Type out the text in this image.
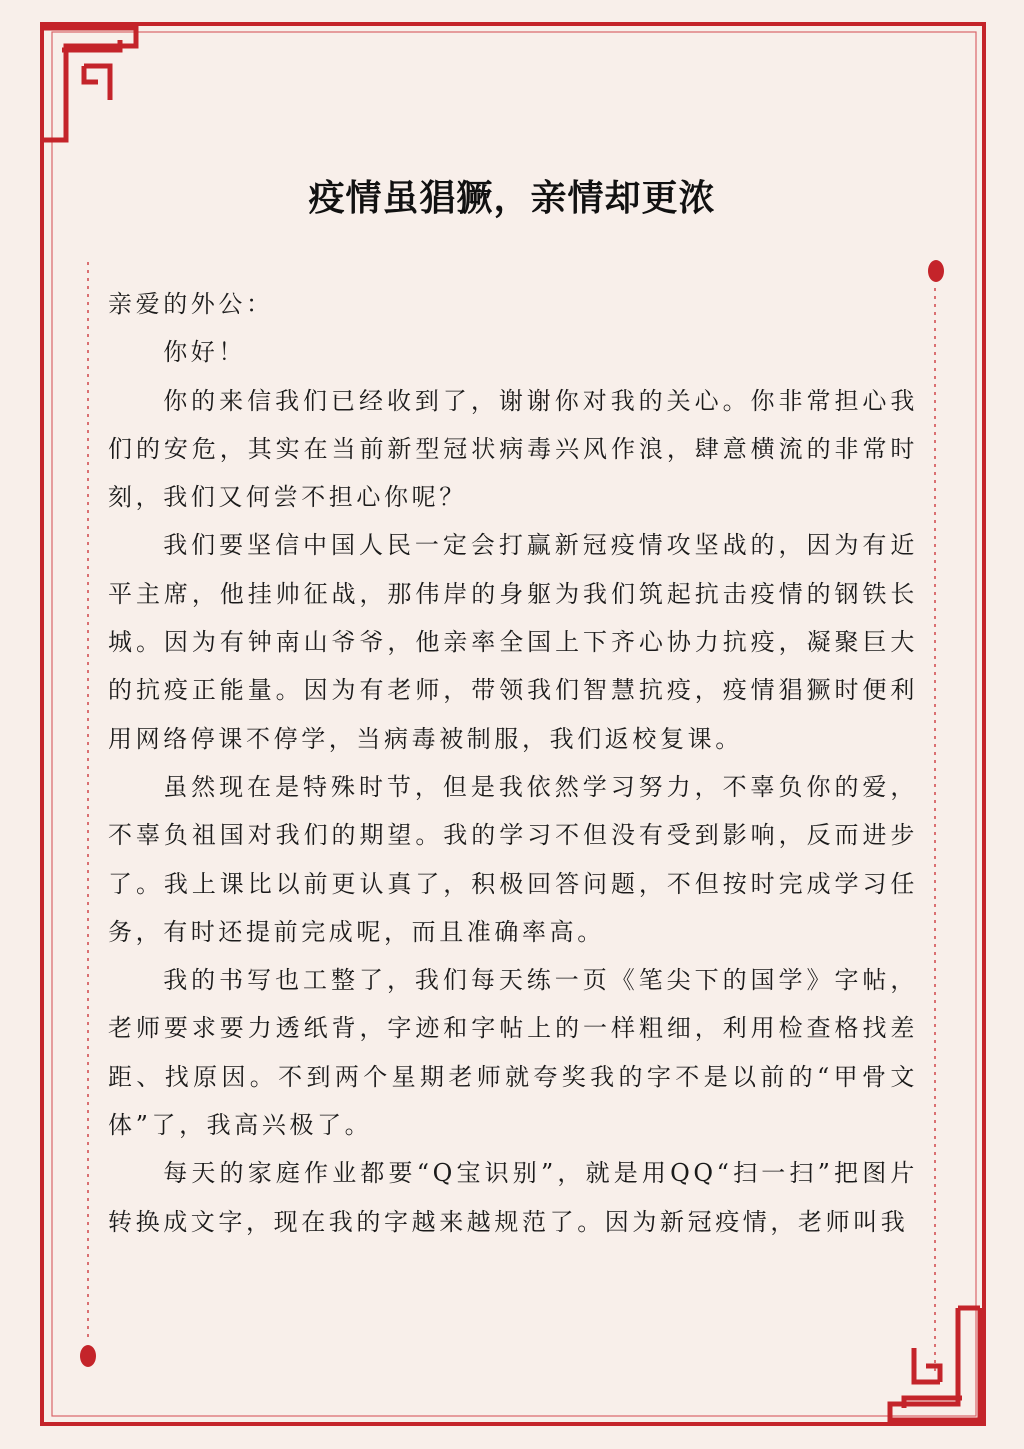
疫情虽猖獗，亲情却更浓

亲爱的外公：

你好！

你的来信我们已经收到了，谢谢你对我的关心。你非常担心我们的安危，其实在当前新型冠状病毒兴风作浪，肆意横流的非常时刻，我们又何尝不担心你呢？

我们要坚信中国人民一定会打赢新冠疫情攻坚战的，因为有近平主席，他挂帅征战，那伟岸的身躯为我们筑起抗击疫情的钢铁长城。因为有钟南山爷爷，他亲率全国上下齐心协力抗疫，凝聚巨大的抗疫正能量。因为有老师，带领我们智慧抗疫，疫情猖獗时便利用网络停课不停学，当病毒被制服，我们返校复课。

虽然现在是特殊时节，但是我依然学习努力，不辜负你的爱，不辜负祖国对我们的期望。我的学习不但没有受到影响，反而进步了。我上课比以前更认真了，积极回答问题，不但按时完成学习任务，有时还提前完成呢，而且准确率高。

我的书写也工整了，我们每天练一页《笔尖下的国学》字帖，老师要求要力透纸背，字迹和字帖上的一样粗细，利用检查格找差距、找原因。不到两个星期老师就夸奖我的字不是以前的“甲骨文体”了，我高兴极了。

每天的家庭作业都要“Q宝识别”，就是用QQ“扫一扫”把图片转换成文字，现在我的字越来越规范了。因为新冠疫情，老师叫我
